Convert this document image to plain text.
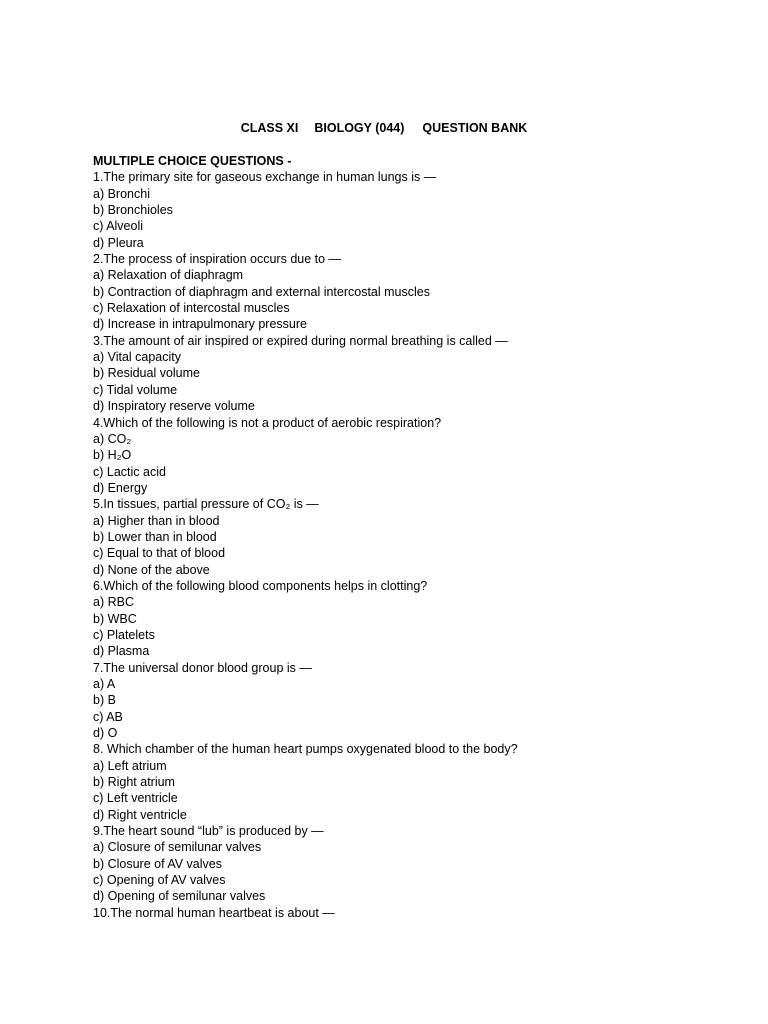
CLASS XI BIOLOGY (044) QUESTION BANK
MULTIPLE CHOICE QUESTIONS -
1.The primary site for gaseous exchange in human lungs is —
a) Bronchi
b) Bronchioles
c) Alveoli
d) Pleura
2.The process of inspiration occurs due to —
a) Relaxation of diaphragm
b) Contraction of diaphragm and external intercostal muscles
c) Relaxation of intercostal muscles
d) Increase in intrapulmonary pressure
3.The amount of air inspired or expired during normal breathing is called —
a) Vital capacity
b) Residual volume
c) Tidal volume
d) Inspiratory reserve volume
4.Which of the following is not a product of aerobic respiration?
a) CO₂
b) H₂O
c) Lactic acid
d) Energy
5.In tissues, partial pressure of CO₂ is —
a) Higher than in blood
b) Lower than in blood
c) Equal to that of blood
d) None of the above
6.Which of the following blood components helps in clotting?
a) RBC
b) WBC
c) Platelets
d) Plasma
7.The universal donor blood group is —
a) A
b) B
c) AB
d) O
8. Which chamber of the human heart pumps oxygenated blood to the body?
a) Left atrium
b) Right atrium
c) Left ventricle
d) Right ventricle
9.The heart sound “lub” is produced by —
a) Closure of semilunar valves
b) Closure of AV valves
c) Opening of AV valves
d) Opening of semilunar valves
10.The normal human heartbeat is about —
